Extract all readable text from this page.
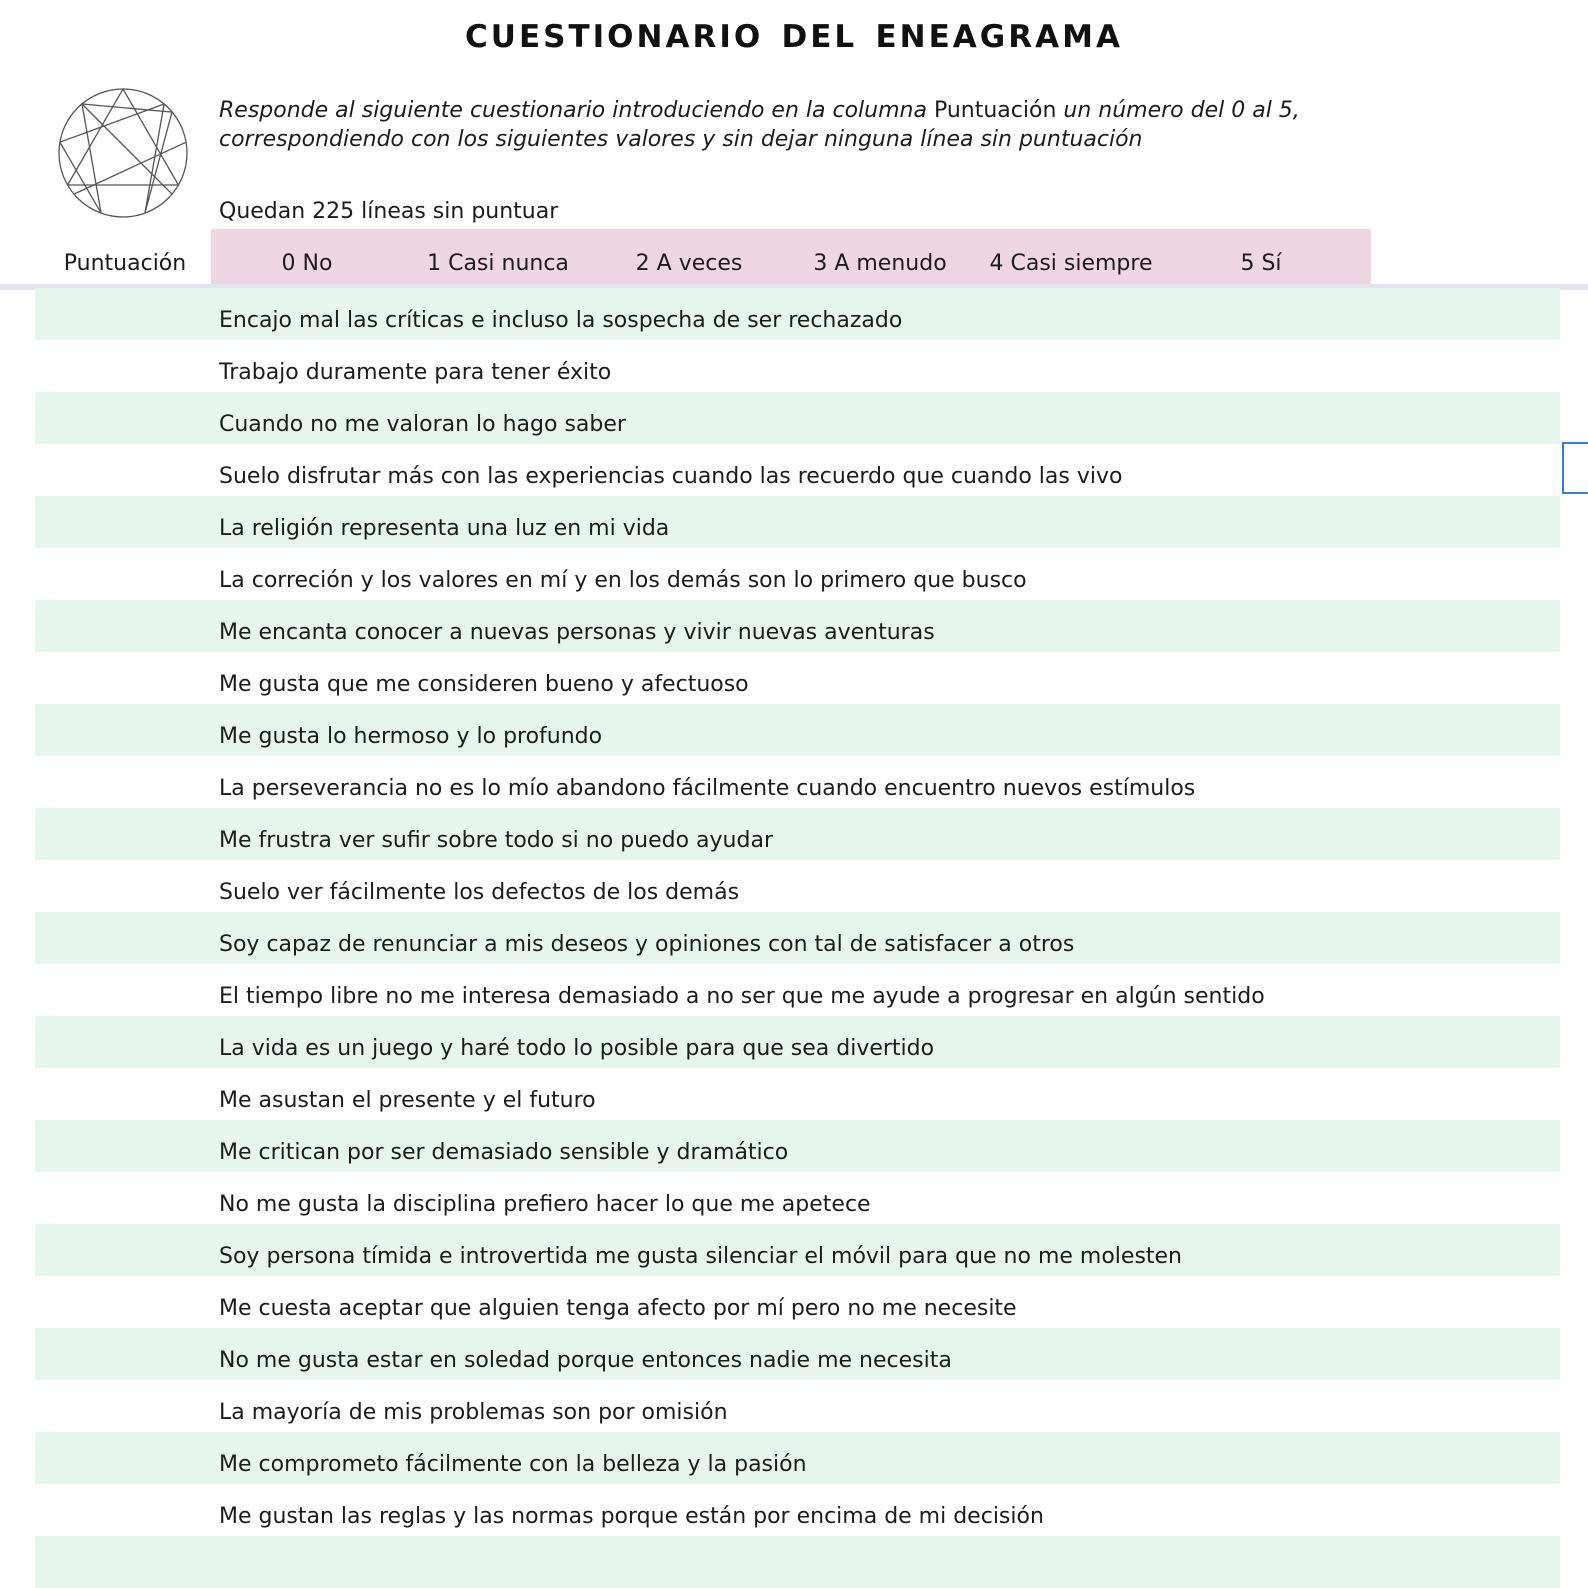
cuestionario del eneagrama
Responde al siguiente cuestionario introduciendo en la columna Puntuación un número del 0 al 5,
correspondiendo con los siguientes valores y sin dejar ninguna línea sin puntuación
Quedan 225 líneas sin puntuar
Puntuación	0 No	1 Casi nunca	2 A veces	3 A menudo 4 Casi siempre	5 Sí
Encajo mal las críticas e incluso la sospecha de ser rechazado
Trabajo duramente para tener éxito
Cuando no me valoran lo hago saber
Suelo disfrutar más con las experiencias cuando las recuerdo que cuando las vivo
La religión representa una luz en mi vida
La correción y los valores en mí y en los demás son lo primero que busco
Me encanta conocer a nuevas personas y vivir nuevas aventuras
Me gusta que me consideren bueno y afectuoso
Me gusta lo hermoso y lo profundo
La perseverancia no es lo mío abandono fácilmente cuando encuentro nuevos estímulos
Me frustra ver sufir sobre todo si no puedo ayudar
Suelo ver fácilmente los defectos de los demás
Soy capaz de renunciar a mis deseos y opiniones con tal de satisfacer a otros
El tiempo libre no me interesa demasiado a no ser que me ayude a progresar en algún sentido
La vida es un juego y haré todo lo posible para que sea divertido
Me asustan el presente y el futuro
Me critican por ser demasiado sensible y dramático
No me gusta la disciplina prefiero hacer lo que me apetece
Soy persona tímida e introvertida me gusta silenciar el móvil para que no me molesten
Me cuesta aceptar que alguien tenga afecto por mí pero no me necesite
No me gusta estar en soledad porque entonces nadie me necesita
La mayoría de mis problemas son por omisión
Me comprometo fácilmente con la belleza y la pasión
Me gustan las reglas y las normas porque están por encima de mi decisión
